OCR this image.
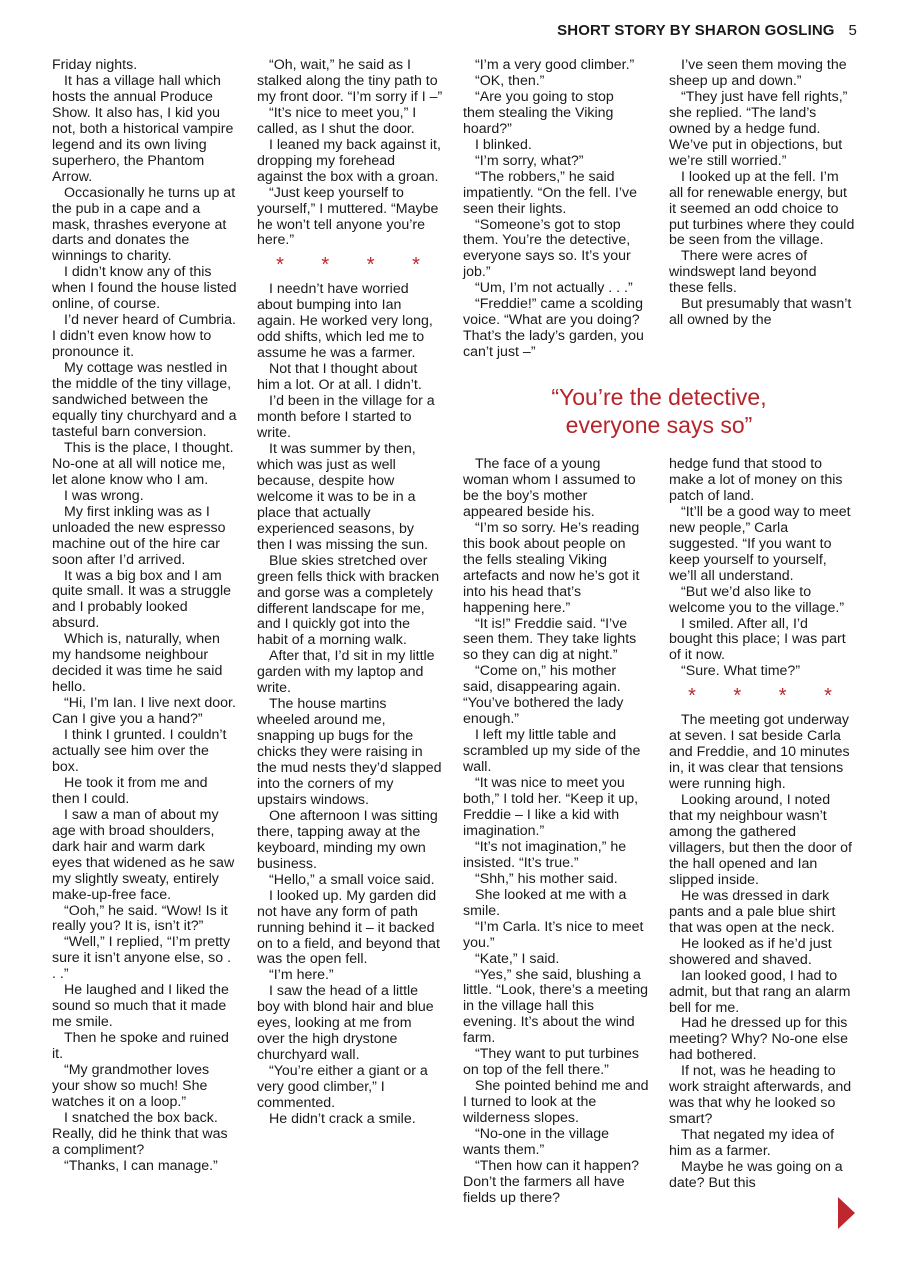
SHORT STORY BY SHARON GOSLING 5

Friday nights.

It has a village hall which hosts the annual Produce Show. It also has, I kid you not, both a historical vampire legend and its own living superhero, the Phantom Arrow.

Occasionally he turns up at the pub in a cape and a mask, thrashes everyone at darts and donates the winnings to charity.

I didn’t know any of this when I found the house listed online, of course.

I’d never heard of Cumbria. I didn’t even know how to pronounce it.

My cottage was nestled in the middle of the tiny village, sandwiched between the equally tiny churchyard and a tasteful barn conversion.

This is the place, I thought. No-one at all will notice me, let alone know who I am.

I was wrong.

My first inkling was as I unloaded the new espresso machine out of the hire car soon after I’d arrived.

It was a big box and I am quite small. It was a struggle and I probably looked absurd.

Which is, naturally, when my handsome neighbour decided it was time he said hello.

“Hi, I’m Ian. I live next door. Can I give you a hand?”

I think I grunted. I couldn’t actually see him over the box.

He took it from me and then I could.

I saw a man of about my age with broad shoulders, dark hair and warm dark eyes that widened as he saw my slightly sweaty, entirely make-up-free face.

“Ooh,” he said. “Wow! Is it really you? It is, isn’t it?”

“Well,” I replied, “I’m pretty sure it isn’t anyone else, so . . .”

He laughed and I liked the sound so much that it made me smile.

Then he spoke and ruined it.

“My grandmother loves your show so much! She watches it on a loop.”

I snatched the box back. Really, did he think that was a compliment?

“Thanks, I can manage.”

“Oh, wait,” he said as I stalked along the tiny path to my front door. “I’m sorry if I –”

“It’s nice to meet you,” I called, as I shut the door.

I leaned my back against it, dropping my forehead against the box with a groan.

“Just keep yourself to yourself,” I muttered. “Maybe he won’t tell anyone you’re here.”

* * * *

I needn’t have worried about bumping into Ian again. He worked very long, odd shifts, which led me to assume he was a farmer.

Not that I thought about him a lot. Or at all. I didn’t.

I’d been in the village for a month before I started to write.

It was summer by then, which was just as well because, despite how welcome it was to be in a place that actually experienced seasons, by then I was missing the sun.

Blue skies stretched over green fells thick with bracken and gorse was a completely different landscape for me, and I quickly got into the habit of a morning walk.

After that, I’d sit in my little garden with my laptop and write.

The house martins wheeled around me, snapping up bugs for the chicks they were raising in the mud nests they’d slapped into the corners of my upstairs windows.

One afternoon I was sitting there, tapping away at the keyboard, minding my own business.

“Hello,” a small voice said.

I looked up. My garden did not have any form of path running behind it – it backed on to a field, and beyond that was the open fell.

“I’m here.”

I saw the head of a little boy with blond hair and blue eyes, looking at me from over the high drystone churchyard wall.

“You’re either a giant or a very good climber,” I commented.

He didn’t crack a smile.

“I’m a very good climber.”

“OK, then.”

“Are you going to stop them stealing the Viking hoard?”

I blinked.

“I’m sorry, what?”

“The robbers,” he said impatiently. “On the fell. I’ve seen their lights.

“Someone’s got to stop them. You’re the detective, everyone says so. It’s your job.”

“Um, I’m not actually . . .”

“Freddie!” came a scolding voice. “What are you doing? That’s the lady’s garden, you can’t just –”

I’ve seen them moving the sheep up and down.”

“They just have fell rights,” she replied. “The land’s owned by a hedge fund. We’ve put in objections, but we’re still worried.”

I looked up at the fell. I’m all for renewable energy, but it seemed an odd choice to put turbines where they could be seen from the village.

There were acres of windswept land beyond these fells.

But presumably that wasn’t all owned by the

“You’re the detective,
everyone says so”

The face of a young woman whom I assumed to be the boy’s mother appeared beside his.

“I’m so sorry. He’s reading this book about people on the fells stealing Viking artefacts and now he’s got it into his head that’s happening here.”

“It is!” Freddie said. “I’ve seen them. They take lights so they can dig at night.”

“Come on,” his mother said, disappearing again. “You’ve bothered the lady enough.”

I left my little table and scrambled up my side of the wall.

“It was nice to meet you both,” I told her. “Keep it up, Freddie – I like a kid with imagination.”

“It’s not imagination,” he insisted. “It’s true.”

“Shh,” his mother said.

She looked at me with a smile.

“I’m Carla. It’s nice to meet you.”

“Kate,” I said.

“Yes,” she said, blushing a little. “Look, there’s a meeting in the village hall this evening. It’s about the wind farm.

“They want to put turbines on top of the fell there.”

She pointed behind me and I turned to look at the wilderness slopes.

“No-one in the village wants them.”

“Then how can it happen? Don’t the farmers all have fields up there?

hedge fund that stood to make a lot of money on this patch of land.

“It’ll be a good way to meet new people,” Carla suggested. “If you want to keep yourself to yourself, we’ll all understand.

“But we’d also like to welcome you to the village.”

I smiled. After all, I’d bought this place; I was part of it now.

“Sure. What time?”

* * * *

The meeting got underway at seven. I sat beside Carla and Freddie, and 10 minutes in, it was clear that tensions were running high.

Looking around, I noted that my neighbour wasn’t among the gathered villagers, but then the door of the hall opened and Ian slipped inside.

He was dressed in dark pants and a pale blue shirt that was open at the neck.

He looked as if he’d just showered and shaved.

Ian looked good, I had to admit, but that rang an alarm bell for me.

Had he dressed up for this meeting? Why? No-one else had bothered.

If not, was he heading to work straight afterwards, and was that why he looked so smart?

That negated my idea of him as a farmer.

Maybe he was going on a date? But this
